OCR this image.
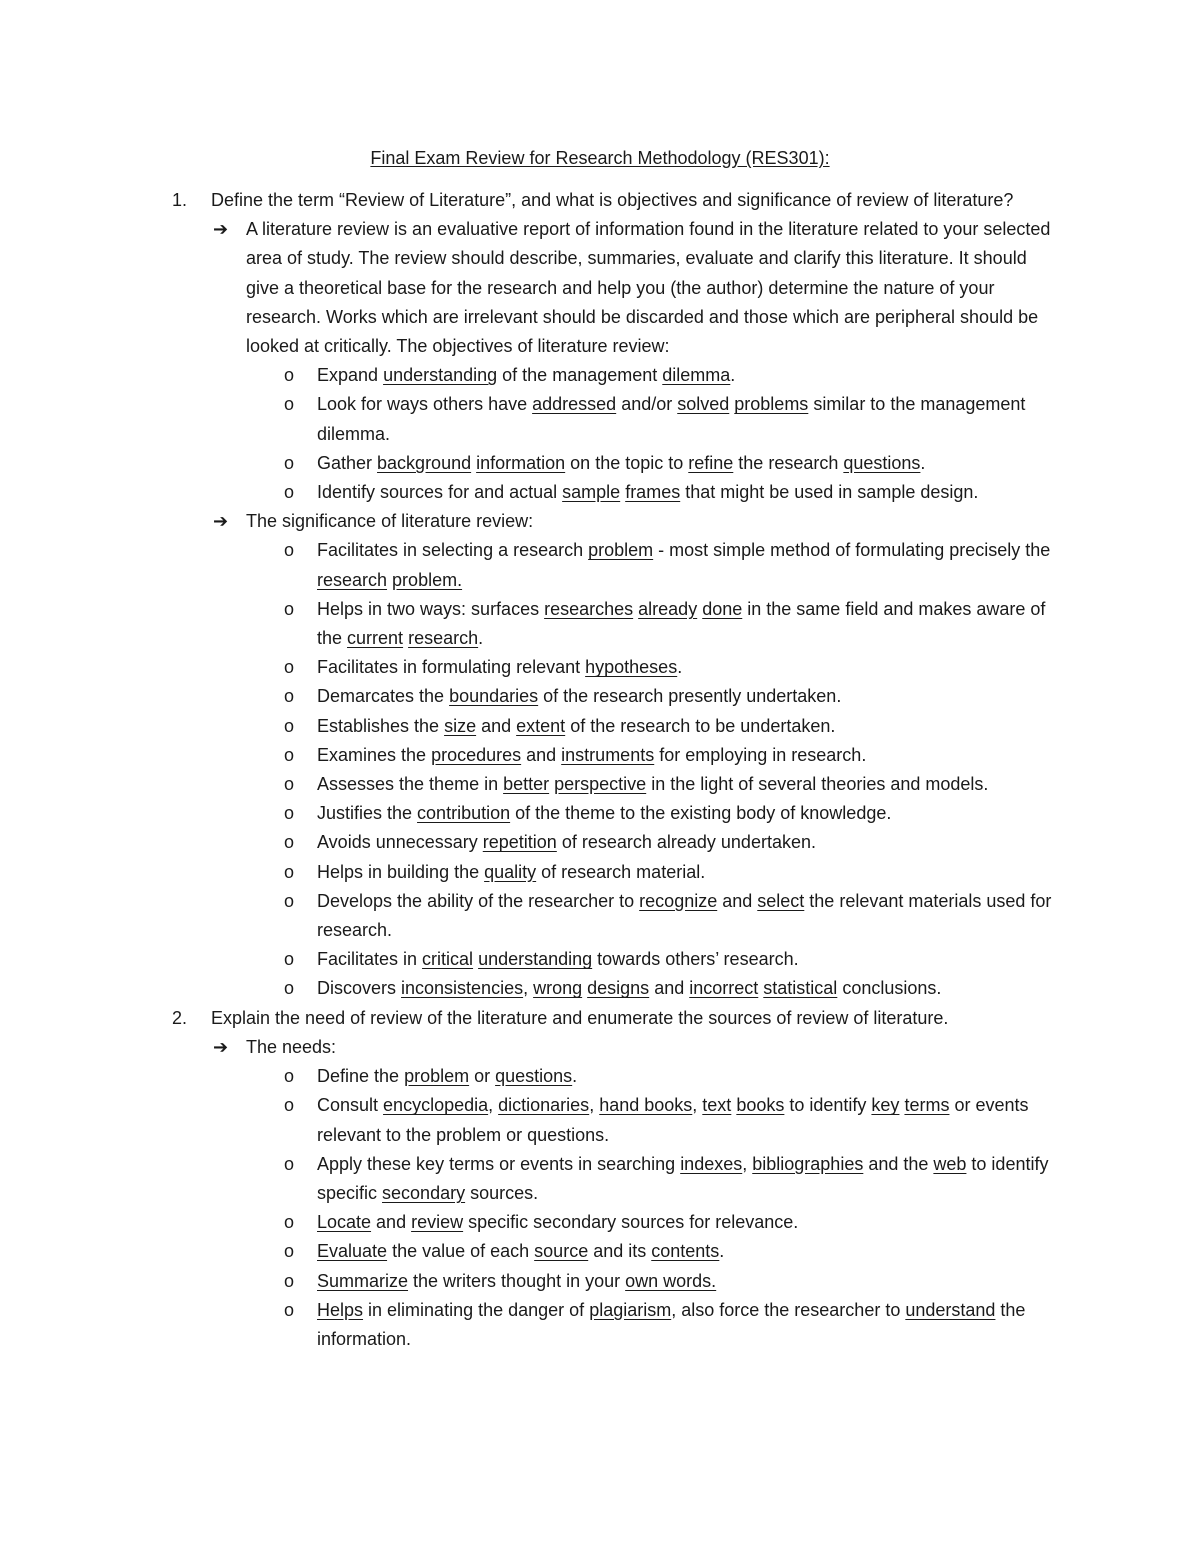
Final Exam Review for Research Methodology (RES301):
1. Define the term “Review of Literature”, and what is objectives and significance of review of literature?
➔ A literature review is an evaluative report of information found in the literature related to your selected area of study. The review should describe, summaries, evaluate and clarify this literature. It should give a theoretical base for the research and help you (the author) determine the nature of your research. Works which are irrelevant should be discarded and those which are peripheral should be looked at critically. The objectives of literature review:
o Expand understanding of the management dilemma.
o Look for ways others have addressed and/or solved problems similar to the management dilemma.
o Gather background information on the topic to refine the research questions.
o Identify sources for and actual sample frames that might be used in sample design.
➔ The significance of literature review:
o Facilitates in selecting a research problem - most simple method of formulating precisely the research problem.
o Helps in two ways: surfaces researches already done in the same field and makes aware of the current research.
o Facilitates in formulating relevant hypotheses.
o Demarcates the boundaries of the research presently undertaken.
o Establishes the size and extent of the research to be undertaken.
o Examines the procedures and instruments for employing in research.
o Assesses the theme in better perspective in the light of several theories and models.
o Justifies the contribution of the theme to the existing body of knowledge.
o Avoids unnecessary repetition of research already undertaken.
o Helps in building the quality of research material.
o Develops the ability of the researcher to recognize and select the relevant materials used for research.
o Facilitates in critical understanding towards others’ research.
o Discovers inconsistencies, wrong designs and incorrect statistical conclusions.
2. Explain the need of review of the literature and enumerate the sources of review of literature.
➔ The needs:
o Define the problem or questions.
o Consult encyclopedia, dictionaries, hand books, text books to identify key terms or events relevant to the problem or questions.
o Apply these key terms or events in searching indexes, bibliographies and the web to identify specific secondary sources.
o Locate and review specific secondary sources for relevance.
o Evaluate the value of each source and its contents.
o Summarize the writers thought in your own words.
o Helps in eliminating the danger of plagiarism, also force the researcher to understand the information.
